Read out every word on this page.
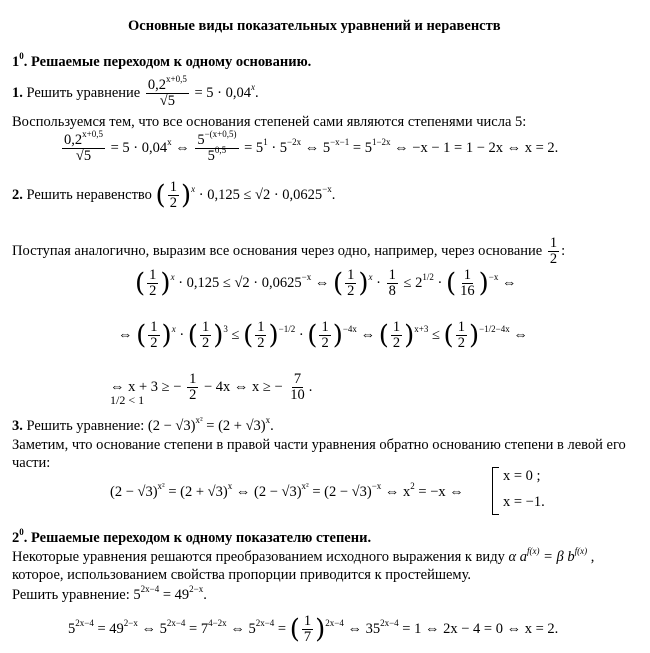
Основные виды показательных уравнений и неравенств
$1^0$. Решаемые переходом к одному основанию.
1. Решить уравнение $\frac{0,2^{x+0,5}}{√5} = 5 \cdot 0,04^x$.
Воспользуемся тем, что все основания степеней сами являются степенями числа 5:
$\frac{0,2^{x+0,5}}{√5} = 5 \cdot 0,04^x$ ⇔ $\frac{5^{-(x+0,5)}}{5^{0,5}} = 5^1 \cdot 5^{-2x}$ ⇔ $5^{-x-1} = 5^{1-2x}$ ⇔ −x − 1 = 1 − 2x ⇔ x = 2.
2. Решить неравенство ( $\frac{1}{2} )^x \cdot 0,125 \le √2 \cdot 0,0625^{-x}$.
Поступая аналогично, выразим все основания через одно, например, через основание $\frac{1}{2}$ :
( $\frac{1}{2} )^x \cdot 0,125 \le √2 \cdot 0,0625^{-x}$ ⇔ ( $\frac{1}{2} )^x \cdot \frac{1}{8} \le 2^{1/2}$ · ( $\frac{1}{16} )^{-x}$ ⇔
⇔ ( $\frac{1}{2} )^x$ · ( $\frac{1}{2} )^3$ ≤ ( $\frac{1}{2} )^{-1/2}$ · ( $\frac{1}{2} )^{-4x}$ ⇔ ( $\frac{1}{2} )^{x+3}$ ≤ ( $\frac{1}{2} )^{-1/2-4x}$ ⇔
⇔ x + 3 ≥ − $\frac{1}{2} - 4x$ ⇔ x ≥ − $\frac{7}{10}$ .
1/2 < 1
3. Решить уравнение: $(2 - √3)^{x^2} = (2 + √3)^x$.
Заметим, что основание степени в правой части уравнения обратно основанию степени в левой его части:
$(2 - √3)^{x^2} = (2 + √3)^x$ ⇔ $(2 - √3)^{x^2} = (2 - √3)^{-x}$ ⇔ $x^2 = -x$ ⇔
x = 0 ;
x = −1.
$2^0$. Решаемые переходом к одному показателю степени.
Некоторые уравнения решаются преобразованием исходного выражения к виду α $a^{f(x)} = \beta$ $b^{f(x)}$ ,
которое, использованием свойства пропорции приводится к простейшему.
Решить уравнение: $5^{2x-4} = 49^{2-x}$.
$5^{2x-4} = 49^{2-x}$ ⇔ $5^{2x-4} = 7^{4-2x}$ ⇔ $5^{2x-4}$ = ( $\frac{1}{7} )^{2x-4}$ ⇔ $35^{2x-4} = 1$ ⇔ 2x − 4 = 0 ⇔ x = 2.
